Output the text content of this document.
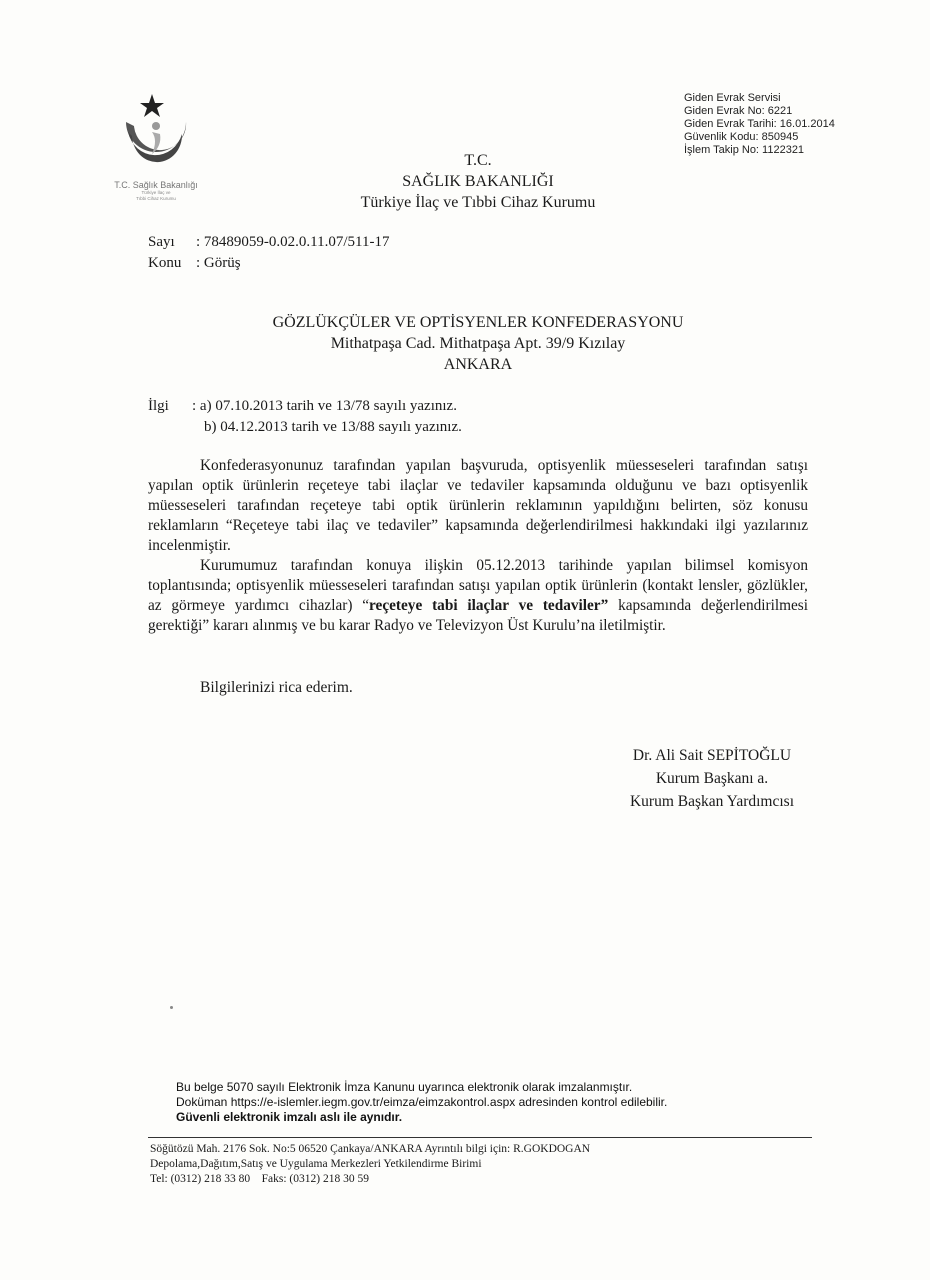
T.C. Sağlık Bakanlığı
Türkiye İlaç ve
Tıbbi Cihaz Kurumu
Giden Evrak Servisi
Giden Evrak No: 6221
Giden Evrak Tarihi: 16.01.2014
Güvenlik Kodu: 850945
İşlem Takip No: 1122321
T.C.
SAĞLIK BAKANLIĞI
Türkiye İlaç ve Tıbbi Cihaz Kurumu
Sayı : 78489059-0.02.0.11.07/511-17
Konu : Görüş
GÖZLÜKÇÜLER VE OPTİSYENLER KONFEDERASYONU
Mithatpaşa Cad. Mithatpaşa Apt. 39/9 Kızılay
ANKARA
İlgi : a) 07.10.2013 tarih ve 13/78 sayılı yazınız.
b) 04.12.2013 tarih ve 13/88 sayılı yazınız.

Konfederasyonunuz tarafından yapılan başvuruda, optisyenlik müesseseleri tarafından satışı yapılan optik ürünlerin reçeteye tabi ilaçlar ve tedaviler kapsamında olduğunu ve bazı optisyenlik müesseseleri tarafından reçeteye tabi optik ürünlerin reklamının yapıldığını belirten, söz konusu reklamların “Reçeteye tabi ilaç ve tedaviler” kapsamında değerlendirilmesi hakkındaki ilgi yazılarınız incelenmiştir.

Kurumumuz tarafından konuya ilişkin 05.12.2013 tarihinde yapılan bilimsel komisyon toplantısında; optisyenlik müesseseleri tarafından satışı yapılan optik ürünlerin (kontakt lensler, gözlükler, az görmeye yardımcı cihazlar) “reçeteye tabi ilaçlar ve tedaviler” kapsamında değerlendirilmesi gerektiği” kararı alınmış ve bu karar Radyo ve Televizyon Üst Kurulu’na iletilmiştir.

Bilgilerinizi rica ederim.
Dr. Ali Sait SEPİTOĞLU
Kurum Başkanı a.
Kurum Başkan Yardımcısı
Bu belge 5070 sayılı Elektronik İmza Kanunu uyarınca elektronik olarak imzalanmıştır.
Doküman https://e-islemler.iegm.gov.tr/eimza/eimzakontrol.aspx adresinden kontrol edilebilir.
Güvenli elektronik imzalı aslı ile aynıdır.
Söğütözü Mah. 2176 Sok. No:5 06520 Çankaya/ANKARA Ayrıntılı bilgi için: R.GOKDOGAN
Depolama,Dağıtım,Satış ve Uygulama Merkezleri Yetkilendirme Birimi
Tel: (0312) 218 33 80    Faks: (0312) 218 30 59
